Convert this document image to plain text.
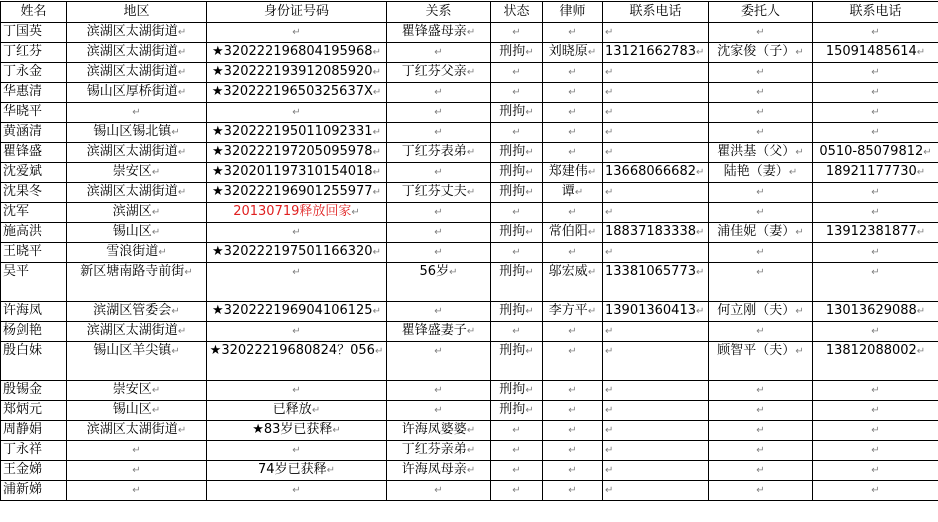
姓名	地区	身份证号码	关系	状态	律师	联系电话	委托人	联系电话
丁国英	滨湖区太湖街道↵	↵	瞿锋盛母亲↵	↵	↵	↵	↵	↵
丁红芬	滨湖区太湖街道↵	★320222196804195968↵	↵	刑拘↵	刘晓原↵	13121662783↵	沈家俊（子）↵	15091485614↵
丁永金	滨湖区太湖街道↵	★320222193912085920↵	丁红芬父亲↵	↵	↵	↵	↵	↵
华惠清	锡山区厚桥街道↵	★32022219650325637X↵	↵	↵	↵	↵	↵	↵
华晓平	↵	↵	↵	刑拘↵	↵	↵	↵	↵
黄涵清	锡山区锡北镇↵	★320222195011092331↵	↵	↵	↵	↵	↵	↵
瞿锋盛	滨湖区太湖街道↵	★320222197205095978↵	丁红芬表弟↵	刑拘↵	↵	↵	瞿洪基（父）↵	0510-85079812↵
沈爱斌	崇安区↵	★320201197310154018↵	↵	刑拘↵	郑建伟↵	13668066682↵	陆艳（妻）↵	18921177730↵
沈果冬	滨湖区太湖街道↵	★320222196901255977↵	丁红芬丈夫↵	刑拘↵	谭↵	↵	↵	↵
沈军	滨湖区↵	20130719释放回家↵	↵	↵	↵	↵	↵	↵
施高洪	锡山区↵	↵	↵	刑拘↵	常伯阳↵	18837183338↵	浦佳妮（妻）↵	13912381877↵
王晓平	雪浪街道↵	★320222197501166320↵	↵	↵	↵	↵	↵	↵
吴平	新区塘南路寺前街↵	↵	56岁↵	刑拘↵	邬宏威↵	13381065773↵	↵	↵
许海凤	滨湖区管委会↵	★320222196904106125↵	↵	刑拘↵	李方平↵	13901360413↵	何立刚（夫）↵	13013629088↵
杨剑艳	滨湖区太湖街道↵	↵	瞿锋盛妻子↵	↵	↵	↵	↵	↵
殷白妹	锡山区羊尖镇↵	★32022219680824？056↵	↵	刑拘↵	↵	↵	顾智平（夫）↵	13812088002↵
殷锡金	崇安区↵	↵	↵	刑拘↵	↵	↵	↵	↵
郑炳元	锡山区↵	已释放↵	↵	刑拘↵	↵	↵	↵	↵
周静娟	滨湖区太湖街道↵	★83岁已获释↵	许海凤婆婆↵	↵	↵	↵	↵	↵
丁永祥	↵	↵	丁红芬亲弟↵	↵	↵	↵	↵	↵
王金娣	↵	74岁已获释↵	许海凤母亲↵	↵	↵	↵	↵	↵
浦新娣	↵	↵	↵	↵	↵	↵	↵	↵
